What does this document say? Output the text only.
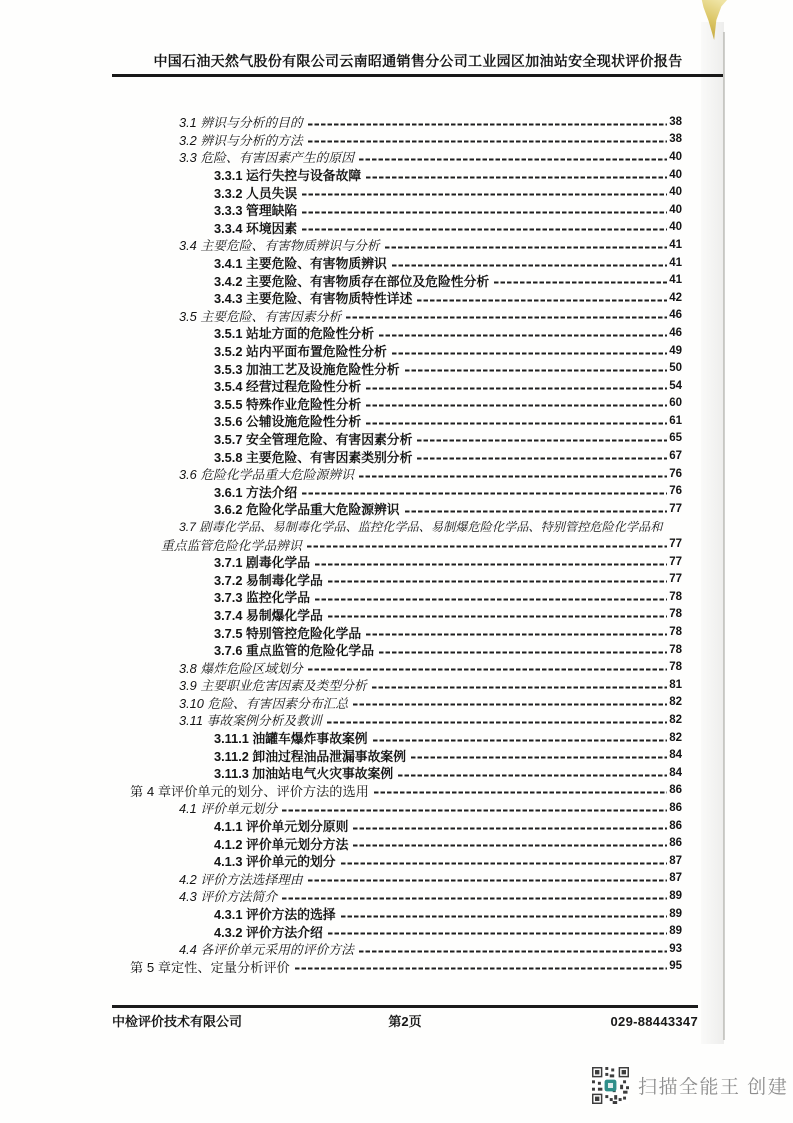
中国石油天然气股份有限公司云南昭通销售分公司工业园区加油站安全现状评价报告
3.1 辨识与分析的目的	38
3.2 辨识与分析的方法	38
3.3 危险、有害因素产生的原因	40
3.3.1 运行失控与设备故障	40
3.3.2 人员失误	40
3.3.3 管理缺陷	40
3.3.4 环境因素	40
3.4 主要危险、有害物质辨识与分析	41
3.4.1 主要危险、有害物质辨识	41
3.4.2 主要危险、有害物质存在部位及危险性分析	41
3.4.3 主要危险、有害物质特性详述	42
3.5 主要危险、有害因素分析	46
3.5.1 站址方面的危险性分析	46
3.5.2 站内平面布置危险性分析	49
3.5.3 加油工艺及设施危险性分析	50
3.5.4 经营过程危险性分析	54
3.5.5 特殊作业危险性分析	60
3.5.6 公辅设施危险性分析	61
3.5.7 安全管理危险、有害因素分析	65
3.5.8 主要危险、有害因素类别分析	67
3.6 危险化学品重大危险源辨识	76
3.6.1 方法介绍	76
3.6.2 危险化学品重大危险源辨识	77
3.7 剧毒化学品、易制毒化学品、监控化学品、易制爆危险化学品、特别管控危险化学品和
重点监管危险化学品辨识	77
3.7.1 剧毒化学品	77
3.7.2 易制毒化学品	77
3.7.3 监控化学品	78
3.7.4 易制爆化学品	78
3.7.5 特别管控危险化学品	78
3.7.6 重点监管的危险化学品	78
3.8 爆炸危险区域划分	78
3.9 主要职业危害因素及类型分析	81
3.10 危险、有害因素分布汇总	82
3.11 事故案例分析及教训	82
3.11.1 油罐车爆炸事故案例	82
3.11.2 卸油过程油品泄漏事故案例	84
3.11.3 加油站电气火灾事故案例	84
第 4 章评价单元的划分、评价方法的选用	86
4.1 评价单元划分	86
4.1.1 评价单元划分原则	86
4.1.2 评价单元划分方法	86
4.1.3 评价单元的划分	87
4.2 评价方法选择理由	87
4.3 评价方法简介	89
4.3.1 评价方法的选择	89
4.3.2 评价方法介绍	89
4.4 各评价单元采用的评价方法	93
第 5 章定性、定量分析评价	95
中检评价技术有限公司	第2页	029-88443347
扫描全能王 创建
